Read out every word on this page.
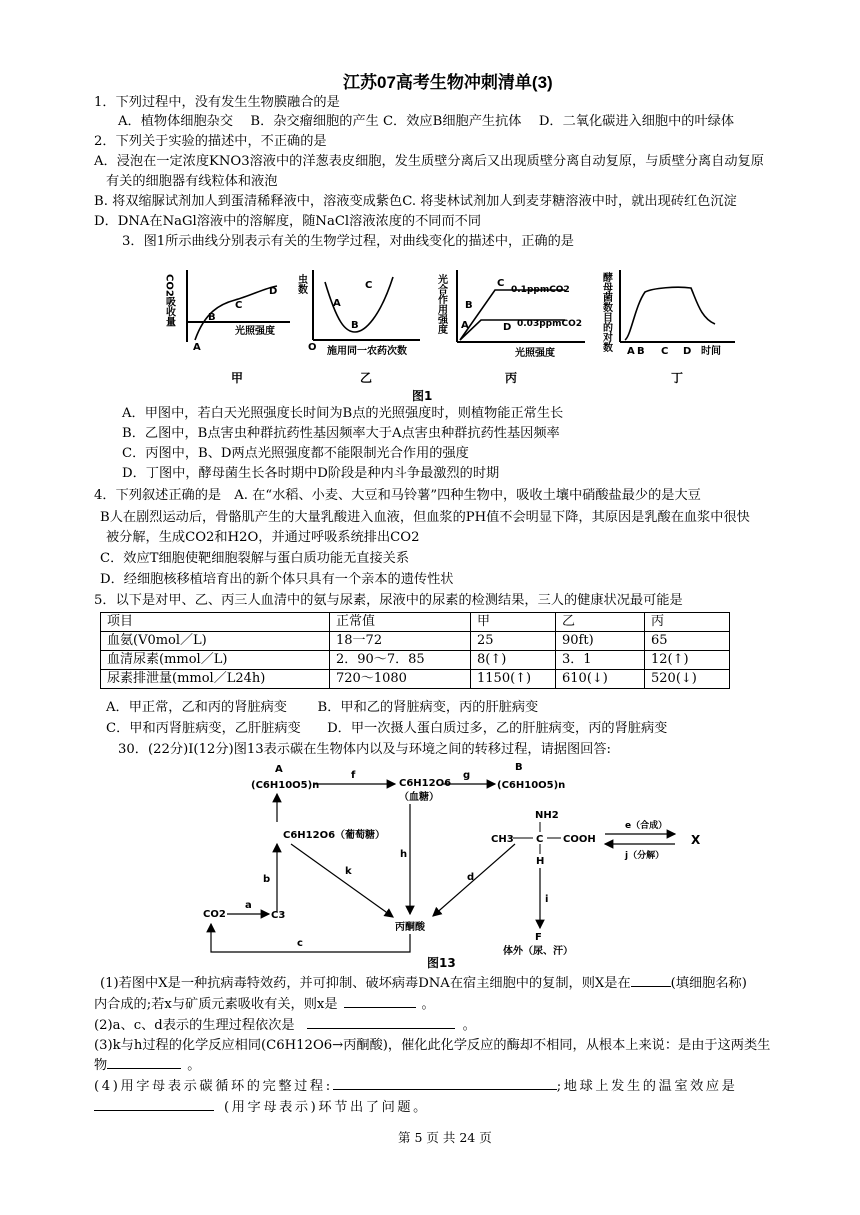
江苏07高考生物冲刺清单(3)
1．下列过程中，没有发生生物膜融合的是
A．植物体细胞杂交　 B．杂交瘤细胞的产生 C．效应B细胞产生抗体　 D．二氧化碳进入细胞中的叶绿体
2．下列关于实验的描述中，不正确的是
A．浸泡在一定浓度KNO3溶液中的洋葱表皮细胞，发生质壁分离后又出现质壁分离自动复原，与质壁分离自动复原
有关的细胞器有线粒体和液泡
B. 将双缩脲试剂加人到蛋清稀释液中，溶液变成紫色C. 将斐林试剂加人到麦芽糖溶液中时，就出现砖红色沉淀
D．DNA在NaGl溶液中的溶解度，随NaCl溶液浓度的不同而不同
3．图1所示曲线分别表示有关的生物学过程，对曲线变化的描述中，正确的是
CO2吸收量
光照强度
A
B
C
D
甲
虫数
施用同一农药次数
A
B
C
O
乙
光合作用强度
光照强度
C
0.1ppmCO2
D 0.03ppmCO2
A
B
丙
酵母菌数目的对数 A B C D 时间
丁
图1
A．甲图中，若白天光照强度长时间为B点的光照强度时，则植物能正常生长
B．乙图中，B点害虫种群抗药性基因频率大于A点害虫种群抗药性基因频率
C．丙图中，B、D两点光照强度都不能限制光合作用的强度
D．丁图中，酵母菌生长各时期中D阶段是种内斗争最激烈的时期
4．下列叙述正确的是　A. 在“水稻、小麦、大豆和马铃薯”四种生物中，吸收土壤中硝酸盐最少的是大豆
B人在剧烈运动后，骨骼肌产生的大量乳酸进入血液，但血浆的PH值不会明显下降，其原因是乳酸在血浆中很快
被分解，生成CO2和H2O，并通过呼吸系统排出CO2
C．效应T细胞使靶细胞裂解与蛋白质功能无直接关系
D．经细胞核移植培育出的新个体只具有一个亲本的遗传性状
5．以下是对甲、乙、丙三人血清中的氨与尿素，尿液中的尿素的检测结果，三人的健康状况最可能是
项目	正常值	甲	乙	丙
血氨(V0mol／L)	18一72	25	90ft)	65
血清尿素(mmol／L)	2．90～7．85	8(↑)	3．1	12(↑)
尿素排泄量(mmol／L24h)	720～1080	1150(↑)	610(↓)	520(↓)
A．甲正常，乙和丙的肾脏病变　　 B．甲和乙的肾脏病变，丙的肝脏病变
C．甲和丙肾脏病变，乙肝脏病变　　D．甲一次摄人蛋白质过多，乙的肝脏病变，丙的肾脏病变
30．(22分)I(12分)图13表示碳在生物体内以及与环境之间的转移过程，请据图回答:
A
(C6H10O5)n
f
C6H12O6
（血糖）
g
B
(C6H10O5)n
C6H12O6（葡萄糖）
b
h
k
丙酮酸
CO2
a
C3
c
d
NH2
CH3 C COOH
H
e（合成）
j（分解）
X
i
F
体外（尿、汗）
图13
(1)若图中X是一种抗病毒特效药，并可抑制、破坏病毒DNA在宿主细胞中的复制，则X是在	(填细胞名称)
内合成的;若x与矿质元素吸收有关，则x是	。
(2)a、c、d表示的生理过程依次是	。
(3)k与h过程的化学反应相同(C6H12O6→丙酮酸)，催化此化学反应的酶却不相同，从根本上来说：是由于这两类生
物	。
(4)用字母表示碳循环的完整过程:	;地球上发生的温室效应是
(用字母表示)环节出了问题。
第 5 页 共 24 页
